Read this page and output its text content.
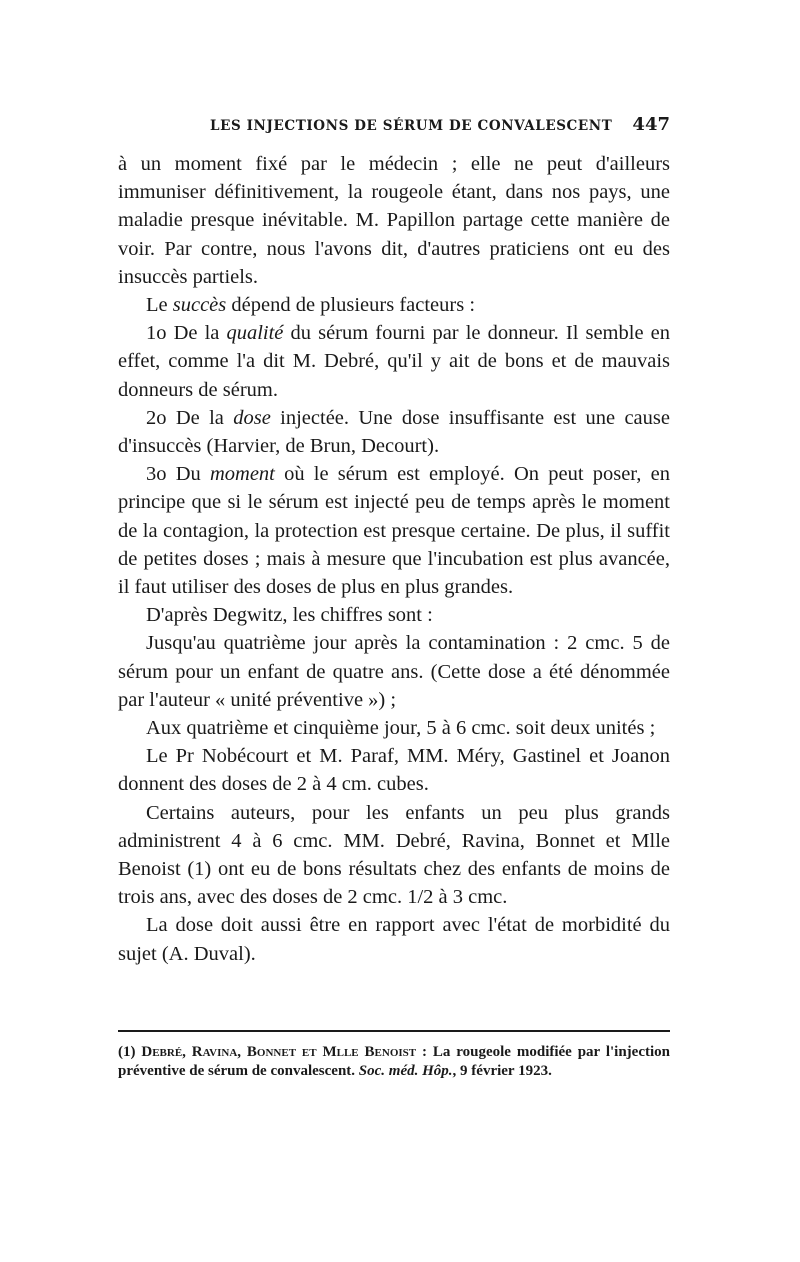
LES INJECTIONS DE SÉRUM DE CONVALESCENT 447

à un moment fixé par le médecin ; elle ne peut d'ailleurs immuniser définitivement, la rougeole étant, dans nos pays, une maladie presque inévitable. M. Papillon partage cette manière de voir. Par contre, nous l'avons dit, d'autres praticiens ont eu des insuccès partiels.

Le succès dépend de plusieurs facteurs :

1o De la qualité du sérum fourni par le donneur. Il semble en effet, comme l'a dit M. Debré, qu'il y ait de bons et de mauvais donneurs de sérum.

2o De la dose injectée. Une dose insuffisante est une cause d'insuccès (Harvier, de Brun, Decourt).

3o Du moment où le sérum est employé. On peut poser, en principe que si le sérum est injecté peu de temps après le moment de la contagion, la protection est presque certaine. De plus, il suffit de petites doses ; mais à mesure que l'incubation est plus avancée, il faut utiliser des doses de plus en plus grandes.

D'après Degwitz, les chiffres sont :

Jusqu'au quatrième jour après la contamination : 2 cmc. 5 de sérum pour un enfant de quatre ans. (Cette dose a été dénommée par l'auteur « unité préventive ») ;

Aux quatrième et cinquième jour, 5 à 6 cmc. soit deux unités ;

Le Pr Nobécourt et M. Paraf, MM. Méry, Gastinel et Joanon donnent des doses de 2 à 4 cm. cubes.

Certains auteurs, pour les enfants un peu plus grands administrent 4 à 6 cmc. MM. Debré, Ravina, Bonnet et Mlle Benoist (1) ont eu de bons résultats chez des enfants de moins de trois ans, avec des doses de 2 cmc. 1/2 à 3 cmc.

La dose doit aussi être en rapport avec l'état de morbidité du sujet (A. Duval).

(1) Debré, Ravina, Bonnet et Mlle Benoist : La rougeole modifiée par l'injection préventive de sérum de convalescent. Soc. méd. Hôp., 9 février 1923.
